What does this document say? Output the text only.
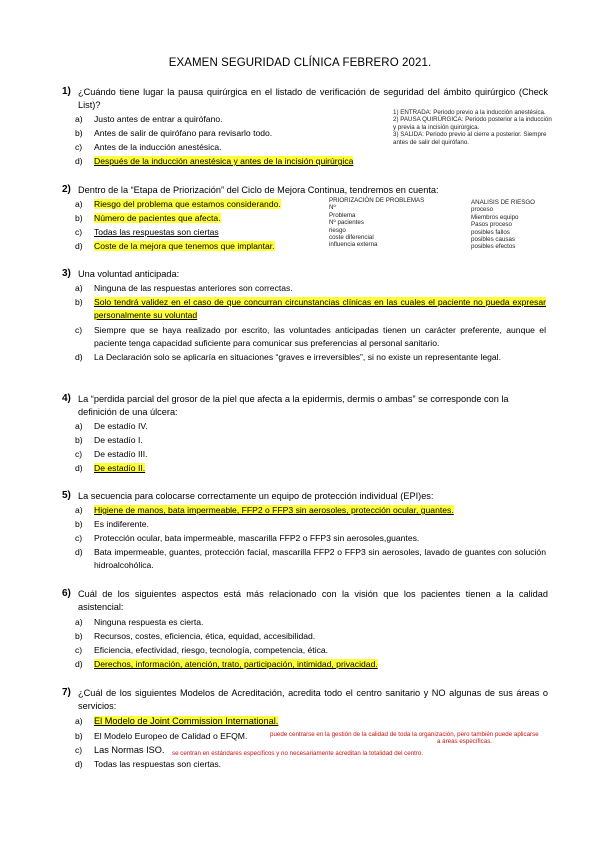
EXAMEN SEGURIDAD CLÍNICA FEBRERO 2021.
1) ¿Cuándo tiene lugar la pausa quirúrgica en el listado de verificación de seguridad del ámbito quirúrgico (Check List)?
a) Justo antes de entrar a quirófano.
b) Antes de salir de quirófano para revisarlo todo.
c) Antes de la inducción anestésica.
d) Después de la inducción anestésica y antes de la incisión quirúrgica
1) ENTRADA: Periodo previo a la inducción anestésica.
2) PAUSA QUIRÚRGICA: Periodo posterior a la inducción
y previa a la incisión quirúrgica.
3) SALIDA: Periodo previo al cierre a posterior. Siempre
antes de salir del quirófano.
2) Dentro de la “Etapa de Priorización” del Ciclo de Mejora Continua, tendremos en cuenta:
a) Riesgo del problema que estamos considerando.
b) Número de pacientes que afecta.
c) Todas las respuestas son ciertas
d) Coste de la mejora que tenemos que implantar.
PRIORIZACIÓN DE PROBLEMAS
Nº
Problema
Nº pacientes
riesgo
coste diferencial
influencia externa
ANALISIS DE RIESGO
proceso
Miembros equipo
Pasos proceso
posibles fallos
posibles causas
posibles efectos
3) Una voluntad anticipada:
a) Ninguna de las respuestas anteriores son correctas.
b) Solo tendrá validez en el caso de que concurran circunstancias clínicas en las cuales el paciente no pueda expresar personalmente su voluntad
c) Siempre que se haya realizado por escrito, las voluntades anticipadas tienen un carácter preferente, aunque el paciente tenga capacidad suficiente para comunicar sus preferencias al personal sanitario.
d) La Declaración solo se aplicaría en situaciones “graves e irreversibles”, si no existe un representante legal.
4) La “perdida parcial del grosor de la piel que afecta a la epidermis, dermis o ambas” se corresponde con la definición de una úlcera:
a) De estadío IV.
b) De estadío I.
c) De estadío III.
d) De estadío II.
5) La secuencia para colocarse correctamente un equipo de protección individual (EPI)es:
a) Higiene de manos, bata impermeable, FFP2 o FFP3 sin aerosoles, protección ocular, guantes.
b) Es indiferente.
c) Protección ocular, bata impermeable, mascarilla FFP2 o FFP3 sin aerosoles,guantes.
d) Bata impermeable, guantes, protección facial, mascarilla FFP2 o FFP3 sin aerosoles, lavado de guantes con solución hidroalcohólica.
6) Cuál de los siguientes aspectos está más relacionado con la visión que los pacientes tienen a la calidad asistencial:
a) Ninguna respuesta es cierta.
b) Recursos, costes, eficiencia, ética, equidad, accesibilidad.
c) Eficiencia, efectividad, riesgo, tecnología, competencia, ética.
d) Derechos, información, atención, trato, participación, intimidad, privacidad.
7) ¿Cuál de los siguientes Modelos de Acreditación, acredita todo el centro sanitario y NO algunas de sus áreas o servicios:
a) El Modelo de Joint Commission International.
b) El Modelo Europeo de Calidad o EFQM.
c) Las Normas ISO.
d) Todas las respuestas son ciertas.
puede centrarse en la gestión de la calidad de toda la organización, pero también puede aplicarse
a áreas específicas.
se centran en estándares específicos y no necesariamente acreditan la totalidad del centro.
